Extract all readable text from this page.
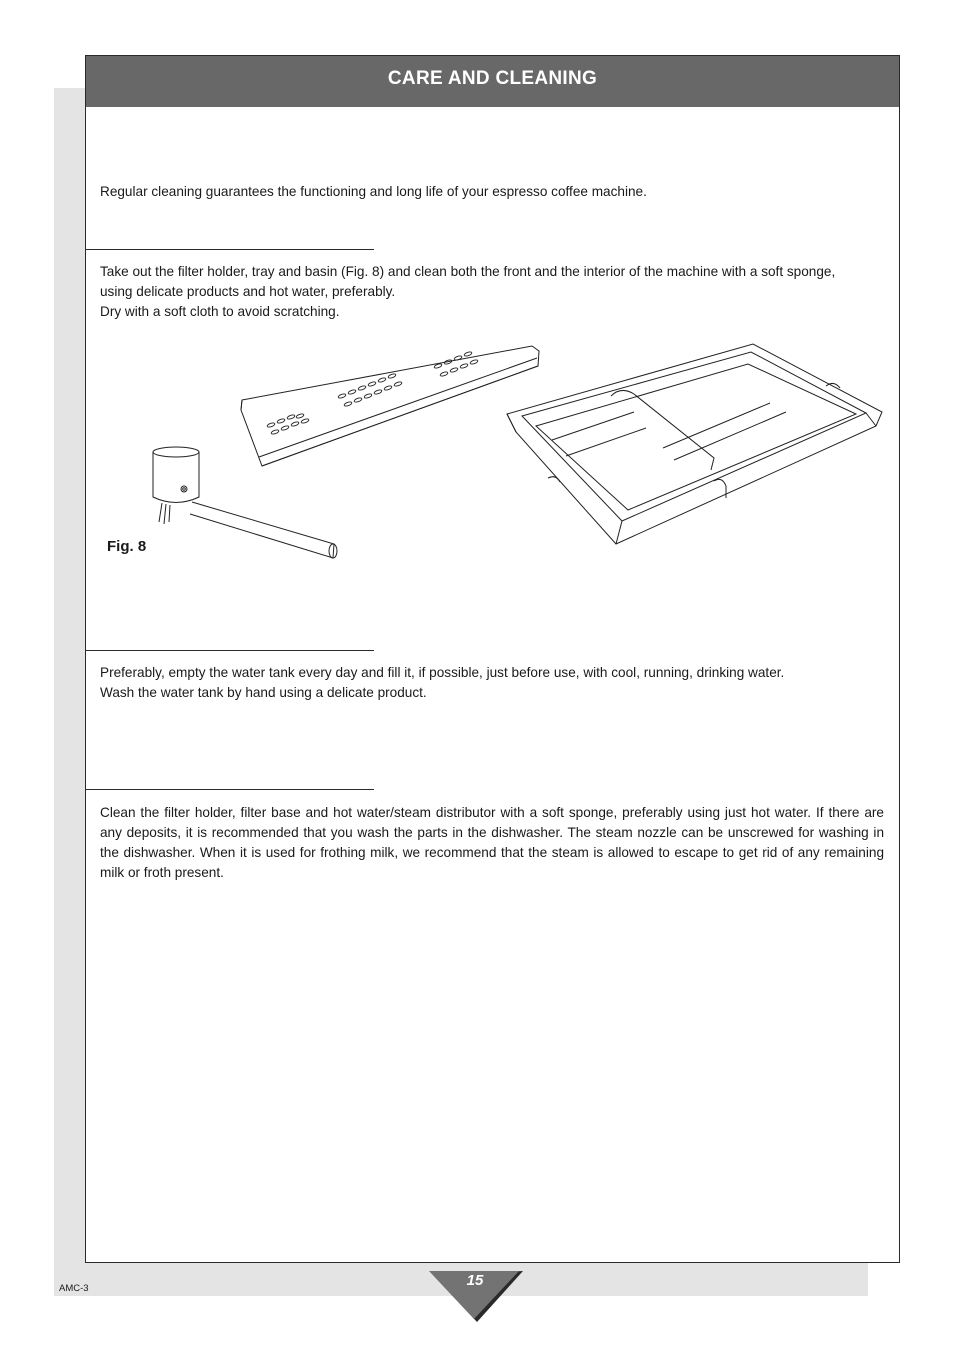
CARE AND CLEANING

Regular cleaning guarantees the functioning and long life of your espresso coffee machine.

Take out the filter holder, tray and basin (Fig. 8) and clean both the front and the interior of the machine with a soft sponge,
using delicate products and hot water, preferably.
Dry with a soft cloth to avoid scratching.
Fig. 8
Preferably, empty the water tank every day and fill it, if possible, just before use, with cool, running, drinking water.
Wash the water tank by hand using a delicate product.

Clean the filter holder, filter base and hot water/steam distributor with a soft sponge, preferably using just hot water. If there are any deposits, it is recommended that you wash the parts in the dishwasher. The steam nozzle can be unscrewed for washing in the dishwasher. When it is used for frothing milk, we recommend that the steam is allowed to escape to get rid of any remaining milk or froth present.

AMC-3	15
